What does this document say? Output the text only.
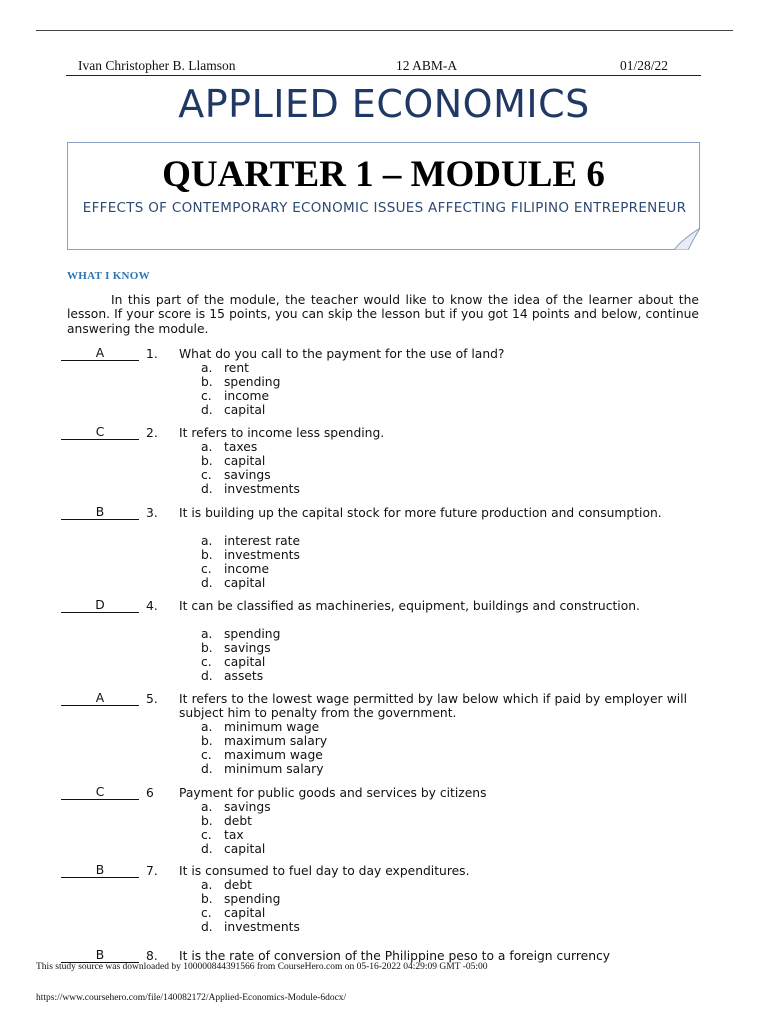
Ivan Christopher B. Llamson	12 ABM-A	01/28/22
APPLIED ECONOMICS
QUARTER 1 – MODULE 6
EFFECTS OF CONTEMPORARY ECONOMIC ISSUES AFFECTING FILIPINO ENTREPRENEUR
WHAT I KNOW
In this part of the module, the teacher would like to know the idea of the learner about the lesson. If your score is 15 points, you can skip the lesson but if you got 14 points and below, continue answering the module.
A	1. What do you call to the payment for the use of land?
a. rent
b. spending
c. income
d. capital
C	2. It refers to income less spending.
a. taxes
b. capital
c. savings
d. investments
B	3. It is building up the capital stock for more future production and consumption.
a. interest rate
b. investments
c. income
d. capital
D	4. It can be classified as machineries, equipment, buildings and construction.
a. spending
b. savings
c. capital
d. assets
A	5. It refers to the lowest wage permitted by law below which if paid by employer will subject him to penalty from the government.
a. minimum wage
b. maximum salary
c. maximum wage
d. minimum salary
C	6 Payment for public goods and services by citizens
a. savings
b. debt
c. tax
d. capital
B	7. It is consumed to fuel day to day expenditures.
a. debt
b. spending
c. capital
d. investments
B	8. It is the rate of conversion of the Philippine peso to a foreign currency
This study source was downloaded by 100000844391566 from CourseHero.com on 05-16-2022 04:29:09 GMT -05:00
https://www.coursehero.com/file/140082172/Applied-Economics-Module-6docx/
